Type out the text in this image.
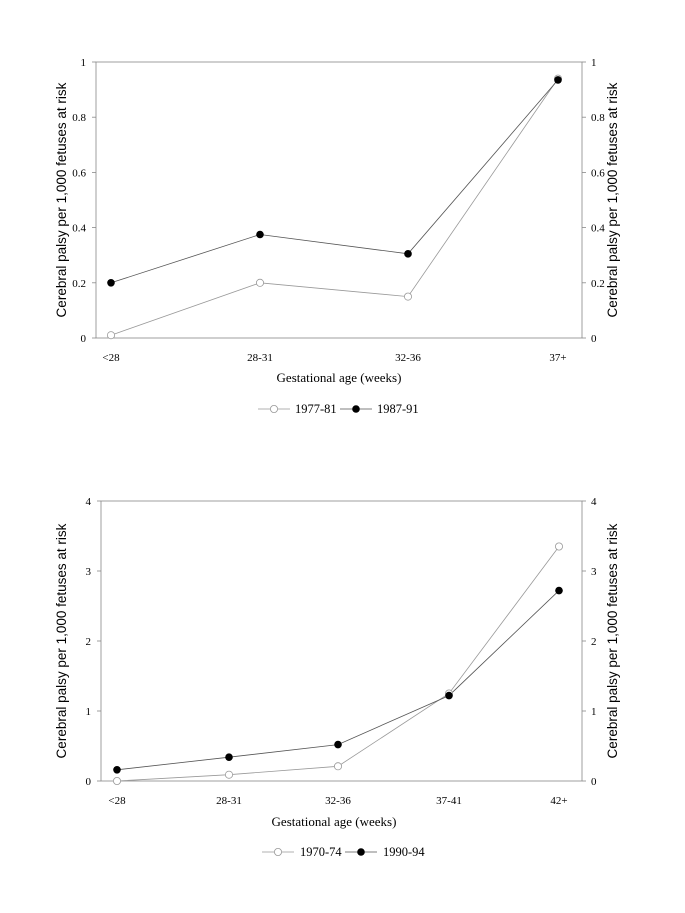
0	0
0.2	0.2
0.4	0.4
0.6	0.6
0.8	0.8
1	1
<28	28-31	32-36	37+
Gestational age (weeks)
Cerebral palsy per 1,000 fetuses at risk	Cerebral palsy per 1,000 fetuses at risk
1977-81	1987-91
0	0
1	1
2	2
3	3
4	4
<28	28-31	32-36	37-41	42+
Gestational age (weeks)
Cerebral palsy per 1,000 fetuses at risk	Cerebral palsy per 1,000 fetuses at risk
1970-74	1990-94
